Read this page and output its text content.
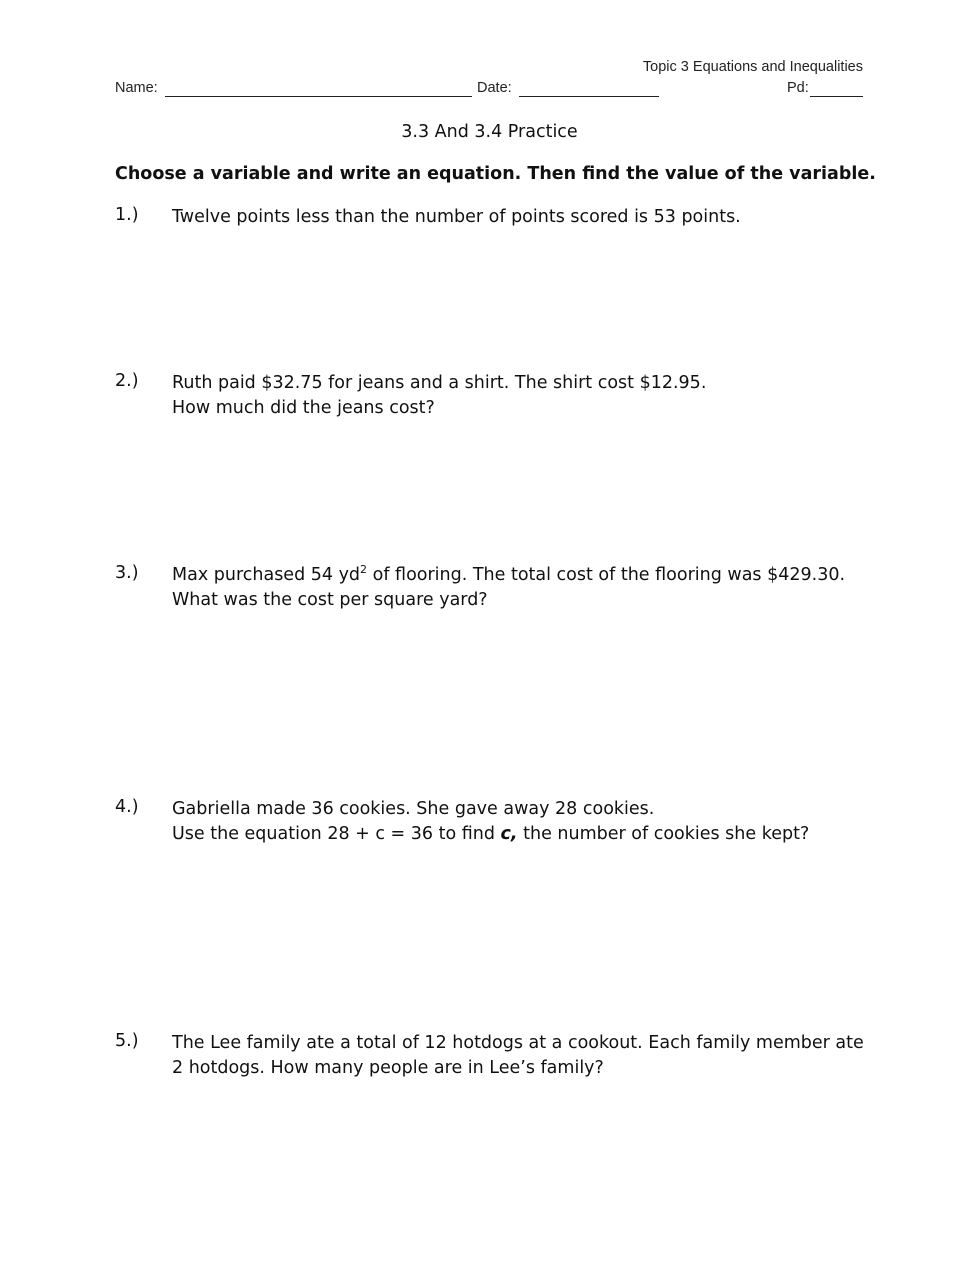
Topic 3 Equations and Inequalities
Name:	Date:	Pd:
3.3 And 3.4 Practice
Choose a variable and write an equation. Then find the value of the variable.
1.) Twelve points less than the number of points scored is 53 points.
2.) Ruth paid $32.75 for jeans and a shirt. The shirt cost $12.95.
How much did the jeans cost?
3.) Max purchased 54 $yd^2$ of flooring. The total cost of the flooring was $429.30.
What was the cost per square yard?
4.) Gabriella made 36 cookies. She gave away 28 cookies.
Use the equation 28 + c = 36 to find c, the number of cookies she kept?
5.) The Lee family ate a total of 12 hotdogs at a cookout. Each family member ate
2 hotdogs. How many people are in Lee’s family?
